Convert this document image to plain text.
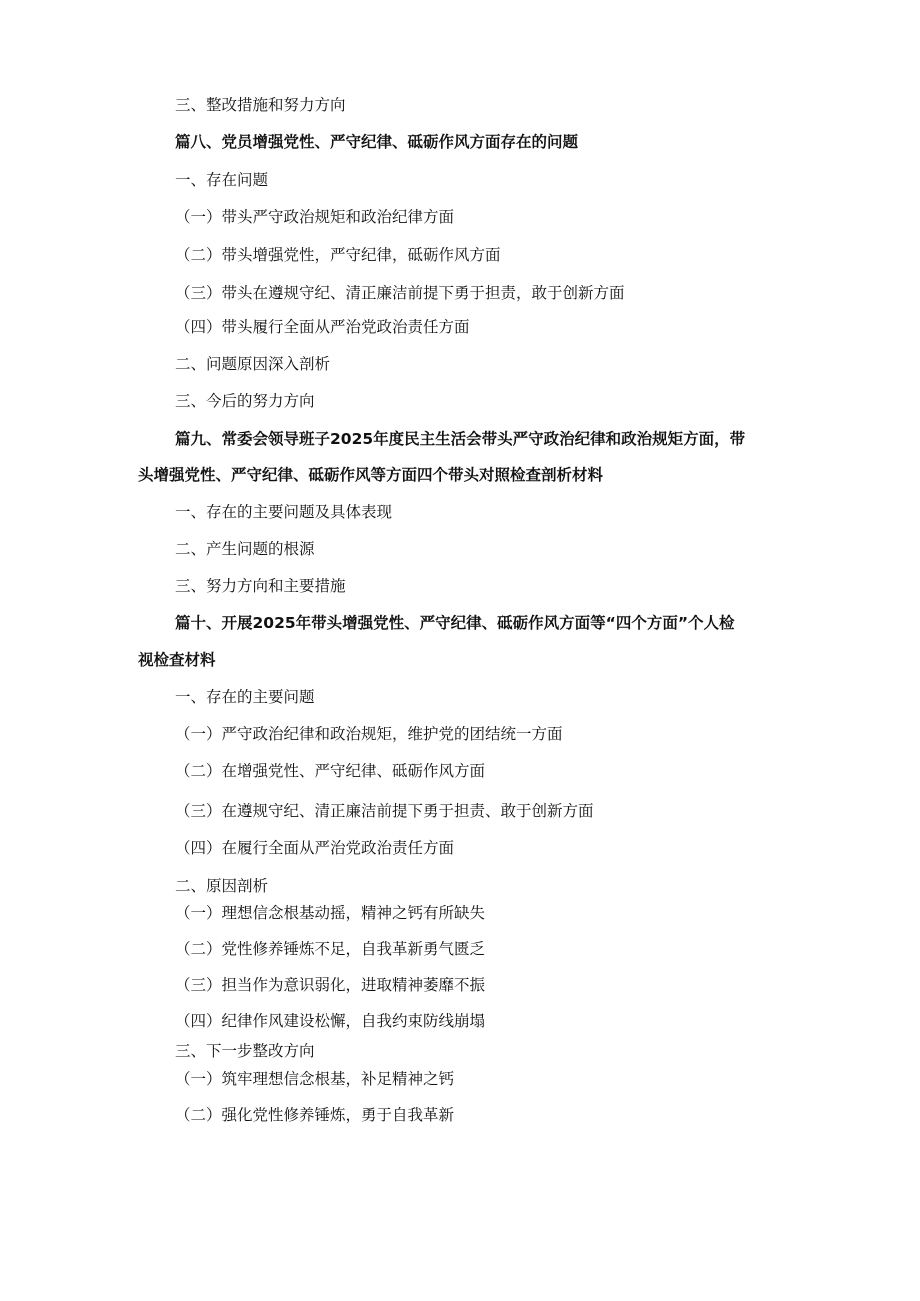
三、整改措施和努力方向
篇八、党员增强党性、严守纪律、砥砺作风方面存在的问题
一、存在问题
（一）带头严守政治规矩和政治纪律方面
（二）带头增强党性，严守纪律，砥砺作风方面
（三）带头在遵规守纪、清正廉洁前提下勇于担责，敢于创新方面
（四）带头履行全面从严治党政治责任方面
二、问题原因深入剖析
三、今后的努力方向
篇九、常委会领导班子2025年度民主生活会带头严守政治纪律和政治规矩方面，带
头增强党性、严守纪律、砥砺作风等方面四个带头对照检查剖析材料
一、存在的主要问题及具体表现
二、产生问题的根源
三、努力方向和主要措施
篇十、开展2025年带头增强党性、严守纪律、砥砺作风方面等“四个方面”个人检
视检查材料
一、存在的主要问题
（一）严守政治纪律和政治规矩，维护党的团结统一方面
（二）在增强党性、严守纪律、砥砺作风方面
（三）在遵规守纪、清正廉洁前提下勇于担责、敢于创新方面
（四）在履行全面从严治党政治责任方面
二、原因剖析
（一）理想信念根基动摇，精神之钙有所缺失
（二）党性修养锤炼不足，自我革新勇气匮乏
（三）担当作为意识弱化，进取精神萎靡不振
（四）纪律作风建设松懈，自我约束防线崩塌
三、下一步整改方向
（一）筑牢理想信念根基，补足精神之钙
（二）强化党性修养锤炼，勇于自我革新
